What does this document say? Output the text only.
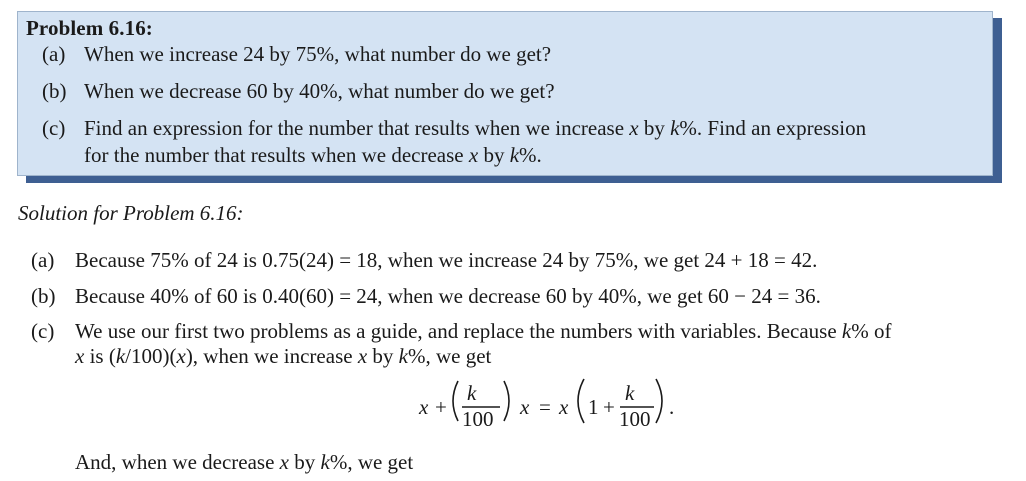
Problem 6.16:
(a) When we increase 24 by 75%, what number do we get?
(b) When we decrease 60 by 40%, what number do we get?
(c) Find an expression for the number that results when we increase x by k%. Find an expression
for the number that results when we decrease x by k%.
Solution for Problem 6.16:
(a) Because 75% of 24 is 0.75(24) = 18, when we increase 24 by 75%, we get 24 + 18 = 42.
(b) Because 40% of 60 is 0.40(60) = 24, when we decrease 60 by 40%, we get 60 − 24 = 36.
(c) We use our first two problems as a guide, and replace the numbers with variables. Because k% of
x is (k/100)(x), when we increase x by k%, we get
x +
k
100 x = x 1 +
k
100 .
And, when we decrease x by k%, we get
